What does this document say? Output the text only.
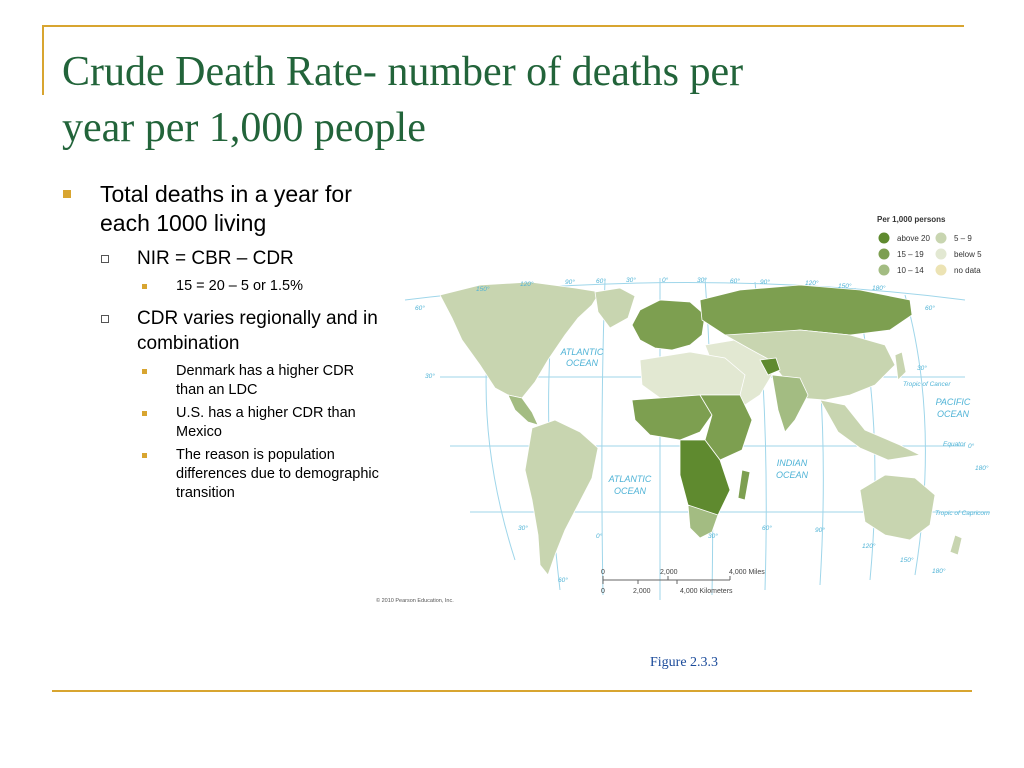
Crude Death Rate- number of deaths per
year per 1,000 people
Total deaths in a year for each 1000 living
NIR = CBR – CDR
15 = 20 – 5 or 1.5%
CDR varies regionally and in combination
Denmark has a higher CDR than an LDC
U.S. has a higher CDR than Mexico
The reason is population differences due to demographic transition
ATLANTIC
OCEAN
ATLANTIC
OCEAN
PACIFIC
OCEAN
INDIAN
OCEAN
Tropic of Cancer
Equator
Tropic of Capricorn
150°
120°	90°	60°	30°	0°	30°	60°	90°	120°	150°	180°
30°
0°	30°
60°	90°
120°
150°
180°
60°
30°
60°
60°
30°
0°
180°
Per 1,000 persons
above 20
15 – 19
10 – 14
5 – 9
below 5
no data
0	2,000	4,000 Miles
0	2,000	4,000 Kilometers
© 2010 Pearson Education, Inc.
Figure 2.3.3
